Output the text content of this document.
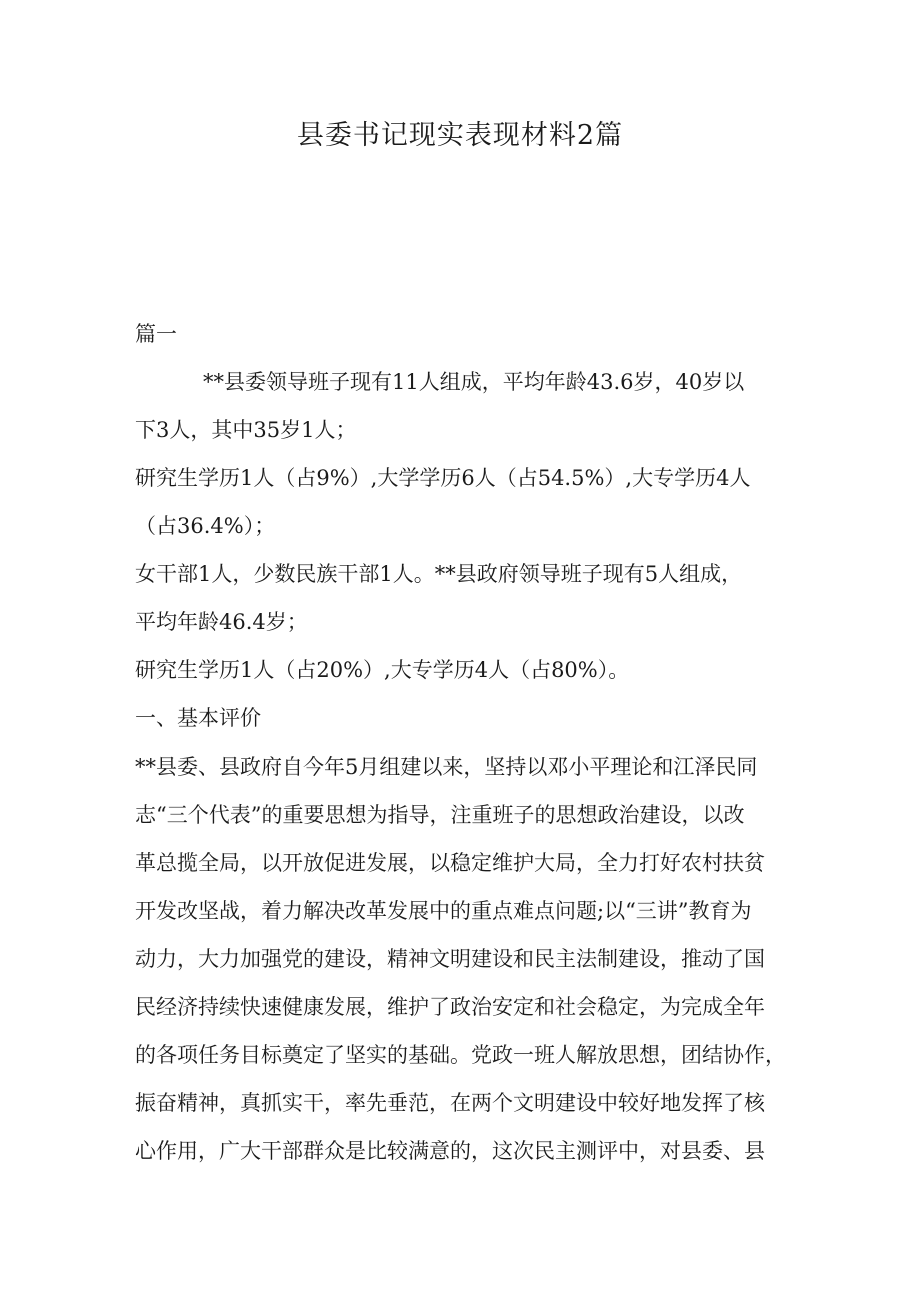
县委书记现实表现材料2篇
篇一
**县委领导班子现有11人组成，平均年龄43.6岁，40岁以
下3人，其中35岁1人；
研究生学历1人（占9%）,大学学历6人（占54.5%）,大专学历4人
（占36.4%）；
女干部1人，少数民族干部1人。**县政府领导班子现有5人组成，
平均年龄46.4岁；
研究生学历1人（占20%）,大专学历4人（占80%）。
一、基本评价
**县委、县政府自今年5月组建以来，坚持以邓小平理论和江泽民同
志“三个代表”的重要思想为指导，注重班子的思想政治建设，以改
革总揽全局，以开放促进发展，以稳定维护大局，全力打好农村扶贫
开发改坚战，着力解决改革发展中的重点难点问题;以“三讲”教育为
动力，大力加强党的建设，精神文明建设和民主法制建设，推动了国
民经济持续快速健康发展，维护了政治安定和社会稳定，为完成全年
的各项任务目标奠定了坚实的基础。党政一班人解放思想，团结协作，
振奋精神，真抓实干，率先垂范，在两个文明建设中较好地发挥了核
心作用，广大干部群众是比较满意的，这次民主测评中，对县委、县
